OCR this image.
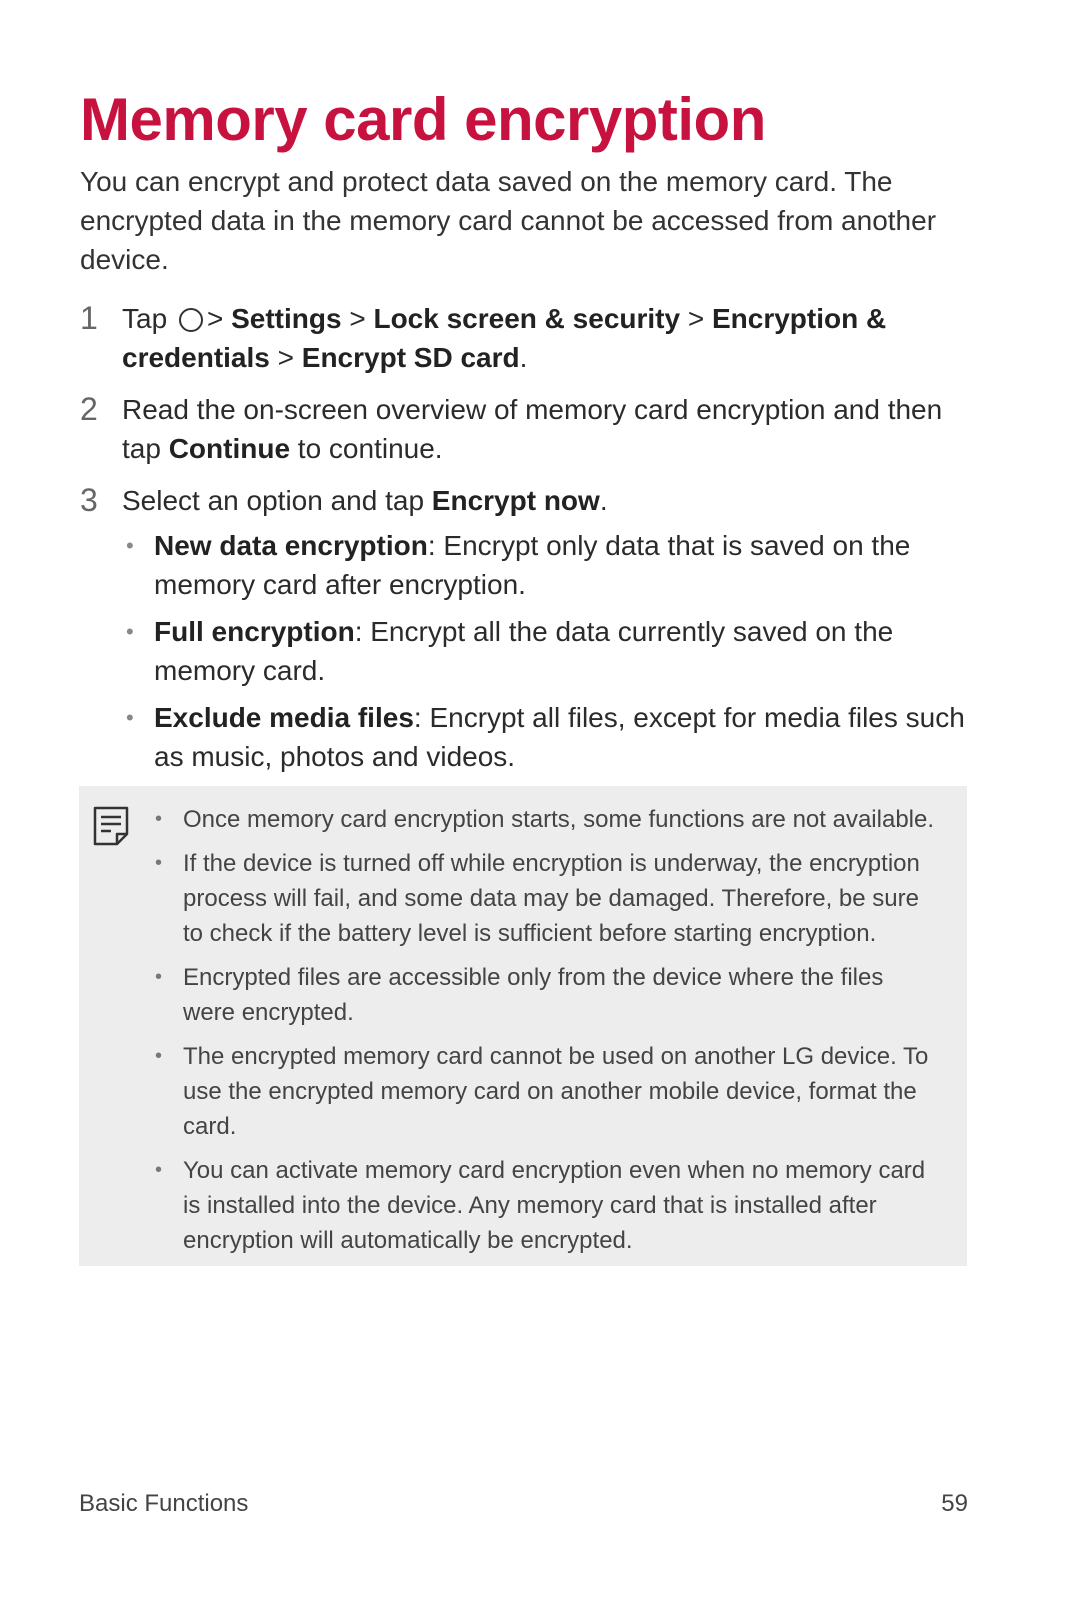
Memory card encryption

You can encrypt and protect data saved on the memory card. The encrypted data in the memory card cannot be accessed from another device.

1 Tap > Settings > Lock screen & security > Encryption & credentials > Encrypt SD card.
2 Read the on-screen overview of memory card encryption and then tap Continue to continue.
3 Select an option and tap Encrypt now.
• New data encryption: Encrypt only data that is saved on the memory card after encryption.
• Full encryption: Encrypt all the data currently saved on the memory card.
• Exclude media files: Encrypt all files, except for media files such as music, photos and videos.
• Once memory card encryption starts, some functions are not available.
• If the device is turned off while encryption is underway, the encryption process will fail, and some data may be damaged. Therefore, be sure to check if the battery level is sufficient before starting encryption.
• Encrypted files are accessible only from the device where the files were encrypted.
• The encrypted memory card cannot be used on another LG device. To use the encrypted memory card on another mobile device, format the card.
• You can activate memory card encryption even when no memory card is installed into the device. Any memory card that is installed after encryption will automatically be encrypted.
Basic Functions	59
